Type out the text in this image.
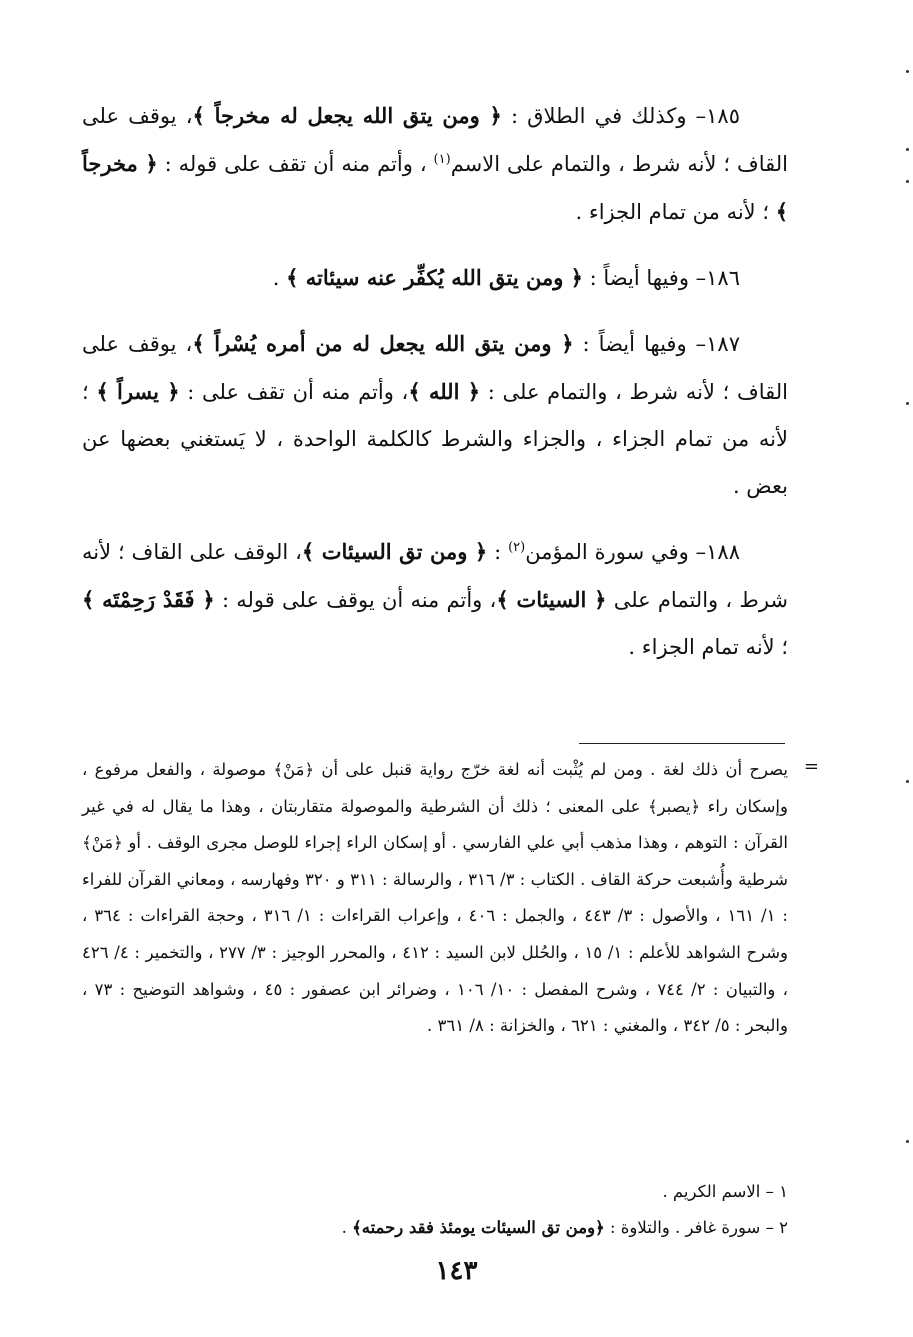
١٨٥– وكذلك في الطلاق : ﴿ ومن يتق الله يجعل له مخرجاً ﴾، يوقف على القاف ؛ لأنه شرط ، والتمام على الاسم$^{(١)}$ ، وأتم منه أن تقف على قوله : ﴿ مخرجاً ﴾ ؛ لأنه من تمام الجزاء .

١٨٦– وفيها أيضاً : ﴿ ومن يتق الله يُكفِّر عنه سيئاته ﴾ .

١٨٧– وفيها أيضاً : ﴿ ومن يتق الله يجعل له من أمره يُسْراً ﴾، يوقف على القاف ؛ لأنه شرط ، والتمام على : ﴿ الله ﴾، وأتم منه أن تقف على : ﴿ يسراً ﴾ ؛ لأنه من تمام الجزاء ، والجزاء والشرط كالكلمة الواحدة ، لا يَستغني بعضها عن بعض .

١٨٨– وفي سورة المؤمن$^{(٢)}$ : ﴿ ومن تق السيئات ﴾، الوقف على القاف ؛ لأنه شرط ، والتمام على ﴿ السيئات ﴾، وأتم منه أن يوقف على قوله : ﴿ فَقَدْ رَحِمْتَه ﴾ ؛ لأنه تمام الجزاء .

=

يصرح أن ذلك لغة . ومن لم يُثْبت أنه لغة خرّج رواية قنبل على أن ﴿مَنْ﴾ موصولة ، والفعل مرفوع ، وإسكان راء ﴿يصبر﴾ على المعنى ؛ ذلك أن الشرطية والموصولة متقاربتان ، وهذا ما يقال له في غير القرآن : التوهم ، وهذا مذهب أبي علي الفارسي . أو إسكان الراء إجراء للوصل مجرى الوقف . أو ﴿مَنْ﴾ شرطية وأُشبعت حركة القاف . الكتاب : ٣/ ٣١٦ ، والرسالة : ٣١١ و ٣٢٠ وفهارسه ، ومعاني القرآن للفراء : ١/ ١٦١ ، والأصول : ٣/ ٤٤٣ ، والجمل : ٤٠٦ ، وإعراب القراءات : ١/ ٣١٦ ، وحجة القراءات : ٣٦٤ ، وشرح الشواهد للأعلم : ١/ ١٥ ، والحُلل لابن السيد : ٤١٢ ، والمحرر الوجيز : ٣/ ٢٧٧ ، والتخمير : ٤/ ٤٢٦ ، والتبيان : ٢/ ٧٤٤ ، وشرح المفصل : ١٠/ ١٠٦ ، وضرائر ابن عصفور : ٤٥ ، وشواهد التوضيح : ٧٣ ، والبحر : ٥/ ٣٤٢ ، والمغني : ٦٢١ ، والخزانة : ٨/ ٣٦١ .

١ – الاسم الكريم .

٢ – سورة غافر . والتلاوة : ﴿ومن تق السيئات يومئذ فقد رحمته﴾ .

١٤٣
